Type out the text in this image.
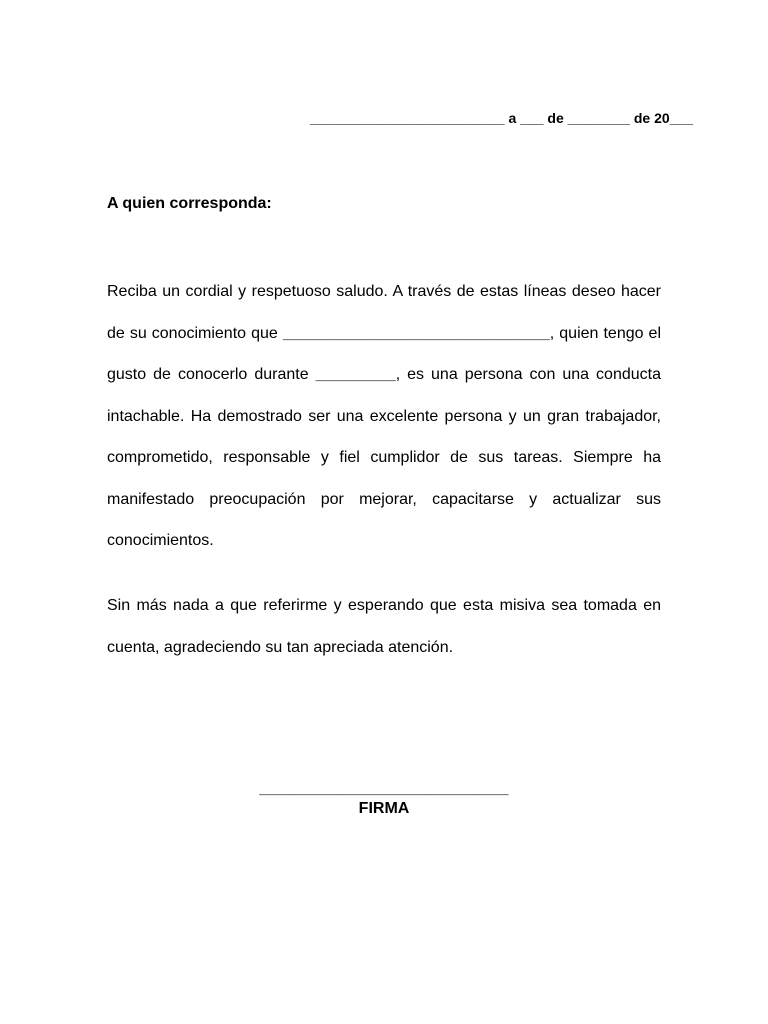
_________________________ a ___ de ________ de 20___
A quien corresponda:
Reciba un cordial y respetuoso saludo. A través de estas líneas deseo hacer de su conocimiento que ______________________________, quien tengo el gusto de conocerlo durante _________, es una persona con una conducta intachable. Ha demostrado ser una excelente persona y un gran trabajador, comprometido, responsable y fiel cumplidor de sus tareas. Siempre ha manifestado preocupación por mejorar, capacitarse y actualizar sus conocimientos.
Sin más nada a que referirme y esperando que esta misiva sea tomada en cuenta, agradeciendo su tan apreciada atención.
____________________________
FIRMA
